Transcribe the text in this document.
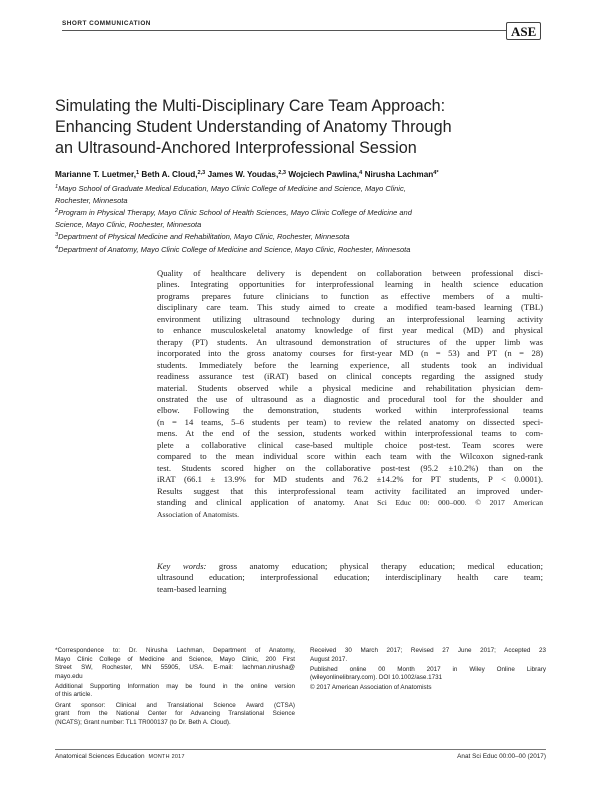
SHORT COMMUNICATION
ASE
Simulating the Multi-Disciplinary Care Team Approach:
Enhancing Student Understanding of Anatomy Through
an Ultrasound-Anchored Interprofessional Session
Marianne T. Luetmer,$^1$ Beth A. Cloud,$^{2,3}$ James W. Youdas,$^{2,3}$ Wojciech Pawlina,$^4$ Nirusha Lachman$^{4*}$
$^1$Mayo School of Graduate Medical Education, Mayo Clinic College of Medicine and Science, Mayo Clinic,
Rochester, Minnesota
$^2$Program in Physical Therapy, Mayo Clinic School of Health Sciences, Mayo Clinic College of Medicine and
Science, Mayo Clinic, Rochester, Minnesota
$^3$Department of Physical Medicine and Rehabilitation, Mayo Clinic, Rochester, Minnesota
$^4$Department of Anatomy, Mayo Clinic College of Medicine and Science, Mayo Clinic, Rochester, Minnesota
Quality of healthcare delivery is dependent on collaboration between professional disci-
plines. Integrating opportunities for interprofessional learning in health science education
programs prepares future clinicians to function as effective members of a multi-
disciplinary care team. This study aimed to create a modified team-based learning (TBL)
environment utilizing ultrasound technology during an interprofessional learning activity
to enhance musculoskeletal anatomy knowledge of first year medical (MD) and physical
therapy (PT) students. An ultrasound demonstration of structures of the upper limb was
incorporated into the gross anatomy courses for first-year MD (n = 53) and PT (n = 28)
students. Immediately before the learning experience, all students took an individual
readiness assurance test (iRAT) based on clinical concepts regarding the assigned study
material. Students observed while a physical medicine and rehabilitation physician dem-
onstrated the use of ultrasound as a diagnostic and procedural tool for the shoulder and
elbow. Following the demonstration, students worked within interprofessional teams
(n = 14 teams, 5–6 students per team) to review the related anatomy on dissected speci-
mens. At the end of the session, students worked within interprofessional teams to com-
plete a collaborative clinical case-based multiple choice post-test. Team scores were
compared to the mean individual score within each team with the Wilcoxon signed-rank
test. Students scored higher on the collaborative post-test (95.2 ±10.2%) than on the
iRAT (66.1 ± 13.9% for MD students and 76.2 ±14.2% for PT students, P < 0.0001).
Results suggest that this interprofessional team activity facilitated an improved under-
standing and clinical application of anatomy. Anat Sci Educ 00: 000–000. © 2017 American
Association of Anatomists.
Key words: gross anatomy education; physical therapy education; medical education;
ultrasound education; interprofessional education; interdisciplinary health care team;
team-based learning
*Correspondence to: Dr. Nirusha Lachman, Department of Anatomy,
Mayo Clinic College of Medicine and Science, Mayo Clinic, 200 First
Street SW, Rochester, MN 55905, USA. E-mail: lachman.nirusha@
mayo.edu
Additional Supporting Information may be found in the online version
of this article.
Grant sponsor: Clinical and Translational Science Award (CTSA)
grant from the National Center for Advancing Translational Science
(NCATS); Grant number: TL1 TR000137 (to Dr. Beth A. Cloud).
Received 30 March 2017; Revised 27 June 2017; Accepted 23
August 2017.
Published online 00 Month 2017 in Wiley Online Library
(wileyonlinelibrary.com). DOI 10.1002/ase.1731
© 2017 American Association of Anatomists
Anatomical Sciences Education MONTH 2017	Anat Sci Educ 00:00–00 (2017)
